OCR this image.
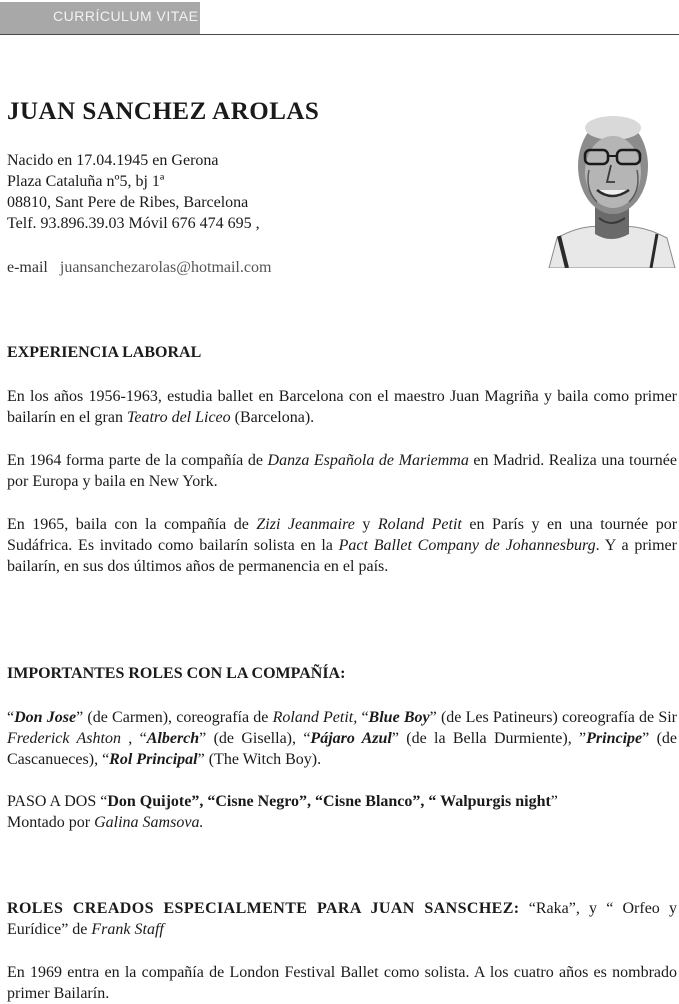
CURRÍCULUM VITAE
JUAN SANCHEZ AROLAS
Nacido en 17.04.1945 en Gerona
Plaza Cataluña nº5, bj 1ª
08810, Sant Pere de Ribes, Barcelona
Telf. 93.896.39.03 Móvil 676 474 695 ,
e-mail juansanchezarolas@hotmail.com
EXPERIENCIA LABORAL
En los años 1956-1963, estudia ballet en Barcelona con el maestro Juan Magriña y baila como primer bailarín en el gran Teatro del Liceo (Barcelona).
En 1964 forma parte de la compañía de Danza Española de Mariemma en Madrid. Realiza una tournée por Europa y baila en New York.
En 1965, baila con la compañía de Zizi Jeanmaire y Roland Petit en París y en una tournée por Sudáfrica. Es invitado como bailarín solista en la Pact Ballet Company de Johannesburg. Y a primer bailarín, en sus dos últimos años de permanencia en el país.
IMPORTANTES ROLES CON LA COMPAÑÍA:
“Don Jose” (de Carmen), coreografía de Roland Petit, “Blue Boy” (de Les Patineurs) coreografía de Sir Frederick Ashton , “Alberch” (de Gisella), “Pájaro Azul” (de la Bella Durmiente), ”Principe” (de Cascanueces), “Rol Principal” (The Witch Boy).
PASO A DOS “Don Quijote”, “Cisne Negro”, “Cisne Blanco”, “ Walpurgis night”
Montado por Galina Samsova.
ROLES CREADOS ESPECIALMENTE PARA JUAN SANSCHEZ: “Raka”, y “ Orfeo y Eurídice” de Frank Staff
En 1969 entra en la compañía de London Festival Ballet como solista. A los cuatro años es nombrado primer Bailarín.
